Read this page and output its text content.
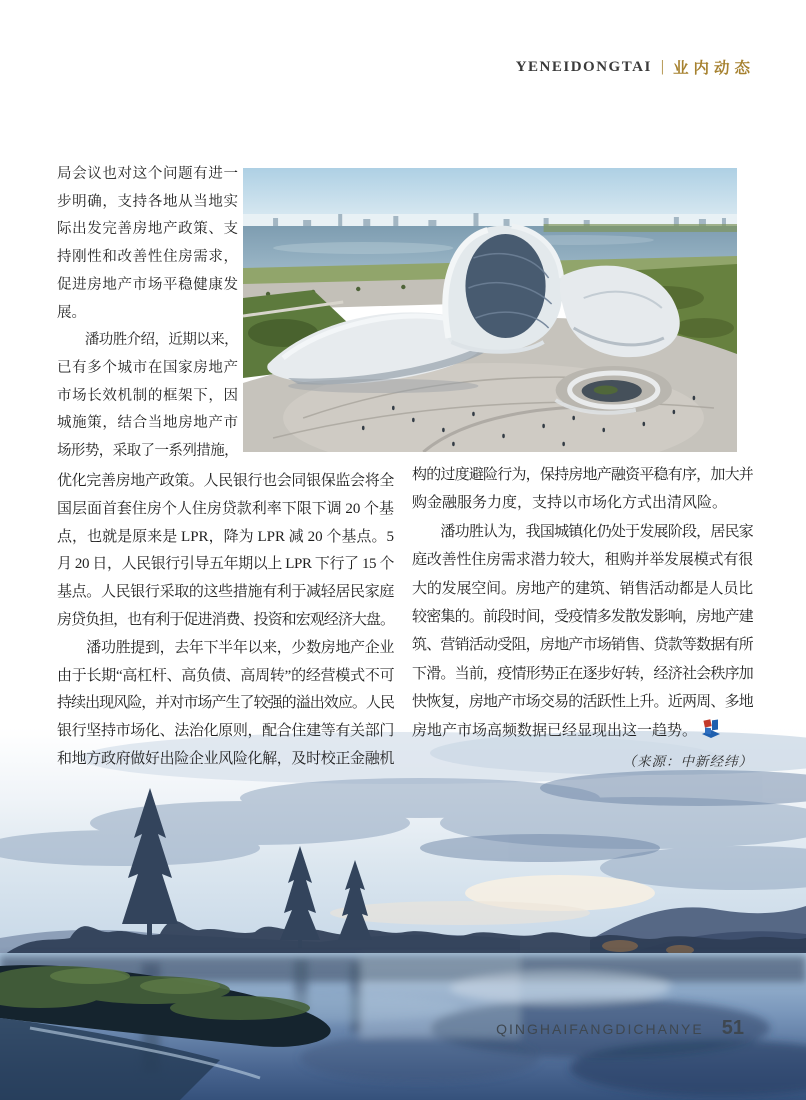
YENEIDONGTAI | 业内动态
局会议也对这个问题有进一
步明确，支持各地从当地实
际出发完善房地产政策、支
持刚性和改善性住房需求，
促进房地产市场平稳健康发
展。
　　潘功胜介绍，近期以来，
已有多个城市在国家房地产
市场长效机制的框架下，因
城施策，结合当地房地产市
场形势，采取了一系列措施，
优化完善房地产政策。人民银行也会同银保监会将全
国层面首套住房个人住房贷款利率下限下调 20 个基
点，也就是原来是 LPR，降为 LPR 减 20 个基点。5
月 20 日，人民银行引导五年期以上 LPR 下行了 15 个
基点。人民银行采取的这些措施有利于减轻居民家庭
房贷负担，也有利于促进消费、投资和宏观经济大盘。
　　潘功胜提到，去年下半年以来，少数房地产企业
由于长期“高杠杆、高负债、高周转”的经营模式不可
持续出现风险，并对市场产生了较强的溢出效应。人民
银行坚持市场化、法治化原则，配合住建等有关部门
和地方政府做好出险企业风险化解，及时校正金融机
构的过度避险行为，保持房地产融资平稳有序，加大并
购金融服务力度，支持以市场化方式出清风险。
　　潘功胜认为，我国城镇化仍处于发展阶段，居民家
庭改善性住房需求潜力较大，租购并举发展模式有很
大的发展空间。房地产的建筑、销售活动都是人员比
较密集的。前段时间，受疫情多发散发影响，房地产建
筑、营销活动受阻，房地产市场销售、贷款等数据有所
下滑。当前，疫情形势正在逐步好转，经济社会秩序加
快恢复，房地产市场交易的活跃性上升。近两周、多地
房地产市场高频数据已经显现出这一趋势。
（来源：中新经纬）
QINGHAIFANGDICHANYE 51
